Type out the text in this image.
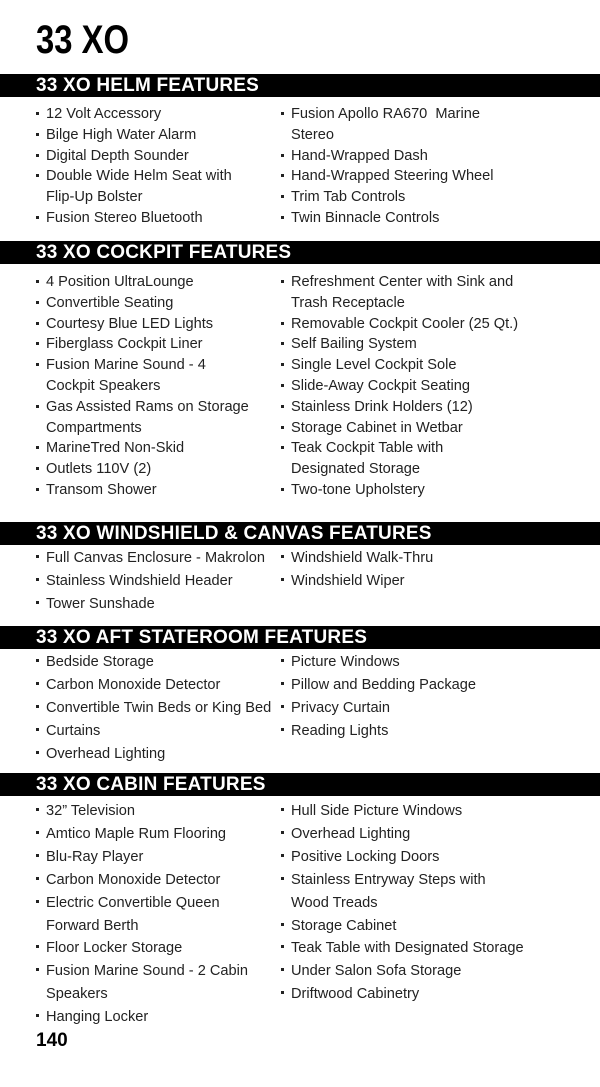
33 XO
33 XO HELM FEATURES
12 Volt Accessory
Bilge High Water Alarm
Digital Depth Sounder
Double Wide Helm Seat with
Flip-Up Bolster
Fusion Stereo Bluetooth
Fusion Apollo RA670  Marine
Stereo
Hand-Wrapped Dash
Hand-Wrapped Steering Wheel
Trim Tab Controls
Twin Binnacle Controls
33 XO COCKPIT FEATURES
4 Position UltraLounge
Convertible Seating
Courtesy Blue LED Lights
Fiberglass Cockpit Liner
Fusion Marine Sound - 4
Cockpit Speakers
Gas Assisted Rams on Storage
Compartments
MarineTred Non-Skid
Outlets 110V (2)
Transom Shower
Refreshment Center with Sink and
Trash Receptacle
Removable Cockpit Cooler (25 Qt.)
Self Bailing System
Single Level Cockpit Sole
Slide-Away Cockpit Seating
Stainless Drink Holders (12)
Storage Cabinet in Wetbar
Teak Cockpit Table with
Designated Storage
Two-tone Upholstery
33 XO WINDSHIELD & CANVAS FEATURES
Full Canvas Enclosure - Makrolon
Stainless Windshield Header
Tower Sunshade
Windshield Walk-Thru
Windshield Wiper
33 XO AFT STATEROOM FEATURES
Bedside Storage
Carbon Monoxide Detector
Convertible Twin Beds or King Bed
Curtains
Overhead Lighting
Picture Windows
Pillow and Bedding Package
Privacy Curtain
Reading Lights
33 XO CABIN FEATURES
32” Television
Amtico Maple Rum Flooring
Blu-Ray Player
Carbon Monoxide Detector
Electric Convertible Queen
Forward Berth
Floor Locker Storage
Fusion Marine Sound - 2 Cabin
Speakers
Hanging Locker
Hull Side Picture Windows
Overhead Lighting
Positive Locking Doors
Stainless Entryway Steps with
Wood Treads
Storage Cabinet
Teak Table with Designated Storage
Under Salon Sofa Storage
Driftwood Cabinetry
140
